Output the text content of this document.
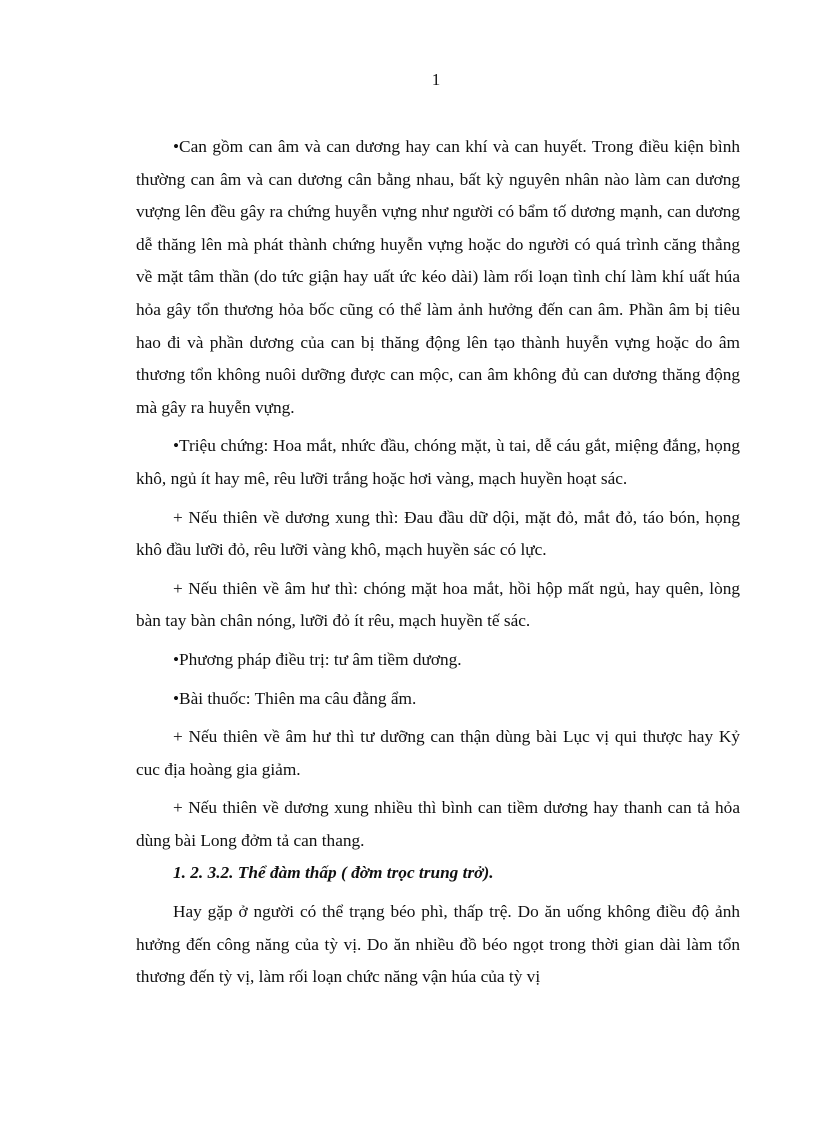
1

•Can gồm can âm và can dương hay can khí và can huyết. Trong điều kiện bình thường can âm và can dương cân bằng nhau, bất kỳ nguyên nhân nào làm can dương vượng lên đều gây ra chứng huyễn vựng như người có bẩm tố dương mạnh, can dương dễ thăng lên mà phát thành chứng huyễn vựng hoặc do người có quá trình căng thẳng về mặt tâm thần (do tức giận hay uất ức kéo dài) làm rối loạn tình chí làm khí uất húa hỏa gây tổn thương hỏa bốc cũng có thể làm ảnh hưởng đến can âm. Phần âm bị tiêu hao đi và phần dương của can bị thăng động lên tạo thành huyễn vựng hoặc do âm thương tổn không nuôi dưỡng được can mộc, can âm không đủ can dương thăng động mà gây ra huyễn vựng.

•Triệu chứng: Hoa mắt, nhức đầu, chóng mặt, ù tai, dễ cáu gắt, miệng đắng, họng khô, ngủ ít hay mê, rêu lưỡi trắng hoặc hơi vàng, mạch huyền hoạt sác.

+ Nếu thiên về dương xung thì: Đau đầu dữ dội, mặt đỏ, mắt đỏ, táo bón, họng khô đầu lưỡi đỏ, rêu lưỡi vàng khô, mạch huyền sác có lực.

+ Nếu thiên về âm hư thì: chóng mặt hoa mắt, hồi hộp mất ngủ, hay quên, lòng bàn tay bàn chân nóng, lưỡi đỏ ít rêu, mạch huyền tế sác.

•Phương pháp điều trị: tư âm tiềm dương.

•Bài thuốc: Thiên ma câu đằng ẩm.

+ Nếu thiên về âm hư thì tư dưỡng can thận dùng bài Lục vị qui thược hay Kỷ cuc địa hoàng gia giảm.

+ Nếu thiên về dương xung nhiều thì bình can tiềm dương hay thanh can tả hỏa dùng bài Long đởm tả can thang.

1. 2. 3.2. Thể đàm thấp ( đờm trọc trung trở).

Hay gặp ở người có thể trạng béo phì, thấp trệ. Do ăn uống không điều độ ảnh hưởng đến công năng của tỳ vị. Do ăn nhiều đồ béo ngọt trong thời gian dài làm tổn thương đến tỳ vị, làm rối loạn chức năng vận húa của tỳ vị
